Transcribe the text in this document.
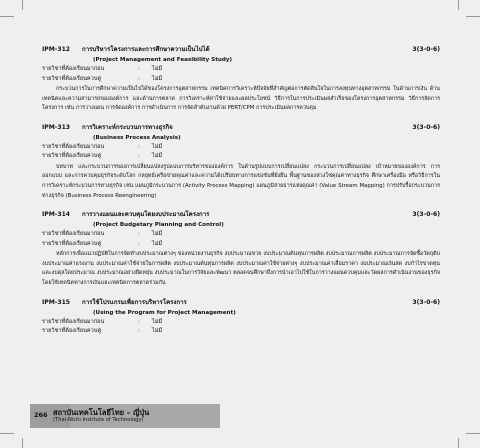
IPM-312 การบริหารโครงการและการศึกษาความเป็นไปได้	3(3-0-6)
(Project Management and Feasibility Study)
รายวิชาที่ต้องเรียนมาก่อน	: ไม่มี
รายวิชาที่ต้องเรียนควบคู่	: ไม่มี
กระบวนการในการศึกษาความเป็นไปได้ของโครงการอุตสาหกรรม เทคนิคการวิเคราะห์ปัจจัยที่สำคัญต่อการตัดสินใจในการลงทุนทางอุตสาหกรรม ในด้านการเงิน ด้านเทคนิคและความสามารถขององค์การ และด้านการตลาด การวิเคราะห์ค่าใช้จ่ายและผลประโยชน์ วิธีการในการประเมินผลสำเร็จของโครงการอุตสาหกรรม วิธีการจัดการโครงการ เช่น การวางแผน การจัดองค์การ การดำเนินการ การจัดลำดับงานด้วย PERT/CPM การประเมินผลการควบคุม
IPM-313 การวิเคราะห์กระบวนการทางธุรกิจ	3(3-0-6)
(Business Process Analysis)
รายวิชาที่ต้องเรียนมาก่อน	: ไม่มี
รายวิชาที่ต้องเรียนควบคู่	: ไม่มี
บทบาท และกระบวนการของการเปลี่ยนแปลงรูปแบบการบริหารขององค์การ ในด้านรูปแบบการเปลี่ยนแปลง กระบวนการเปลี่ยนแปลง เป้าหมายขององค์การ การออกแบบ และการควบคุมธุรกิจระดับโลก กลยุทธ์เครือข่ายคุณค่าและความได้เปรียบทางการแข่งขันที่ยั่งยืน พื้นฐานของห่วงโซ่คุณค่าทางธุรกิจ ศึกษาเครื่องมือ หรือวิธีการในการวิเคราะห์กระบวนการทางธุรกิจ เช่น แผนภูมิกระบวนการ (Activity Process Mapping) แผนภูมิสายธารแห่งคุณค่า (Value Stream Mapping) การปรับรื้อกระบวนการทางธุรกิจ (Business Process Reengineering)
IPM-314 การวางแผนและควบคุมโดยงบประมาณโครงการ	3(3-0-6)
(Project Budgetary Planning and Control)
รายวิชาที่ต้องเรียนมาก่อน	: ไม่มี
รายวิชาที่ต้องเรียนควบคู่	: ไม่มี
หลักการเพื่อแนวปฏิบัติในการจัดทำงบประมาณต่างๆ ของหน่วยงานธุรกิจ งบประมาณขาย งบประมาณต้นทุนการผลิต งบประมาณการผลิต งบประมาณการจัดซื้อวัตถุดิบ งบประมาณค่าแรงงาน งบประมาณค่าใช้จ่ายในการผลิต งบประมาณต้นทุนการผลิต งบประมาณค่าใช้จ่ายต่างๆ งบประมาณค่าเสื่อมราคา งบประมาณเงินสด งบกำไรขาดทุนและงบดุลโดยประมาณ งบประมาณอย่างยืดหยุ่น งบประมาณในการวิจัยและพัฒนา ตลอดจนศึกษาถึงการนำเอาไปใช้ในการวางแผนควบคุมและวัดผลการดำเนินงานของธุรกิจโดยใช้เทคนิคทางการเงินและเทคนิคการตลาดร่วมกัน
IPM-315 การใช้โปรแกรมเพื่อการบริหารโครงการ	3(3-0-6)
(Using the Program for Project Management)
รายวิชาที่ต้องเรียนมาก่อน	: ไม่มี
รายวิชาที่ต้องเรียนควบคู่	: ไม่มี
266 สถาบันเทคโนโลยีไทย – ญี่ปุ่น
(Thai-Nichi Institute of Technology)
